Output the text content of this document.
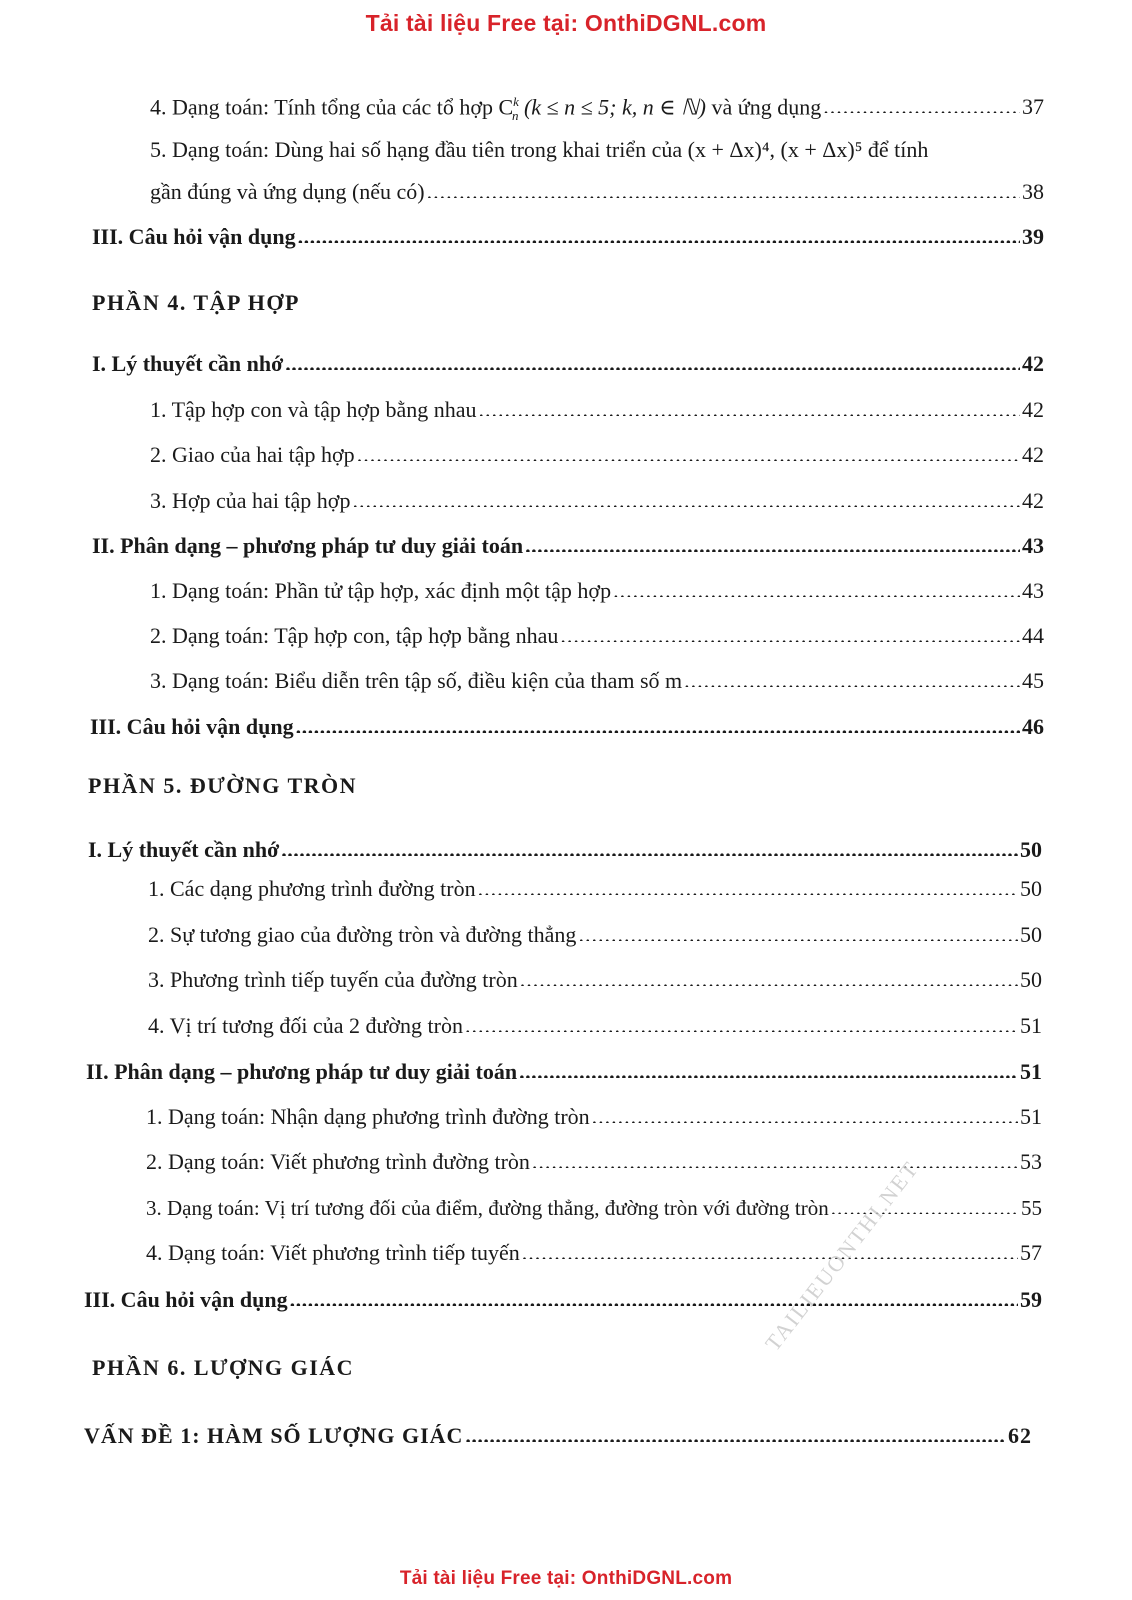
Tải tài liệu Free tại: OnthiDGNL.com
4. Dạng toán: Tính tổng của các tổ hợp $C^k_n$ (k ≤ n ≤ 5; k, n ∈ ℕ) và ứng dụng .....	37
5. Dạng toán: Dùng hai số hạng đầu tiên trong khai triển của (x + Δx)⁴, (x + Δx)⁵ để tính
gần đúng và ứng dụng (nếu có) .....	38
III. Câu hỏi vận dụng .....	39
PHẦN 4. TẬP HỢP
I. Lý thuyết cần nhớ .....	42
1. Tập hợp con và tập hợp bằng nhau .....	42
2. Giao của hai tập hợp .....	42
3. Hợp của hai tập hợp .....	42
II. Phân dạng – phương pháp tư duy giải toán .....	43
1. Dạng toán: Phần tử tập hợp, xác định một tập hợp .....	43
2. Dạng toán: Tập hợp con, tập hợp bằng nhau .....	44
3. Dạng toán: Biểu diễn trên tập số, điều kiện của tham số m .....	45
III. Câu hỏi vận dụng .....	46
PHẦN 5. ĐƯỜNG TRÒN
I. Lý thuyết cần nhớ .....	50
1. Các dạng phương trình đường tròn .....	50
2. Sự tương giao của đường tròn và đường thẳng .....	50
3. Phương trình tiếp tuyến của đường tròn .....	50
4. Vị trí tương đối của 2 đường tròn .....	51
II. Phân dạng – phương pháp tư duy giải toán .....	51
1. Dạng toán: Nhận dạng phương trình đường tròn .....	51
2. Dạng toán: Viết phương trình đường tròn .....	53
3. Dạng toán: Vị trí tương đối của điểm, đường thẳng, đường tròn với đường tròn .....	55
4. Dạng toán: Viết phương trình tiếp tuyến .....	57
III. Câu hỏi vận dụng .....	59
PHẦN 6. LƯỢNG GIÁC
VẤN ĐỀ 1: HÀM SỐ LƯỢNG GIÁC .....	62
TAILIEUONTHI.NET
Tải tài liệu Free tại: OnthiDGNL.com
